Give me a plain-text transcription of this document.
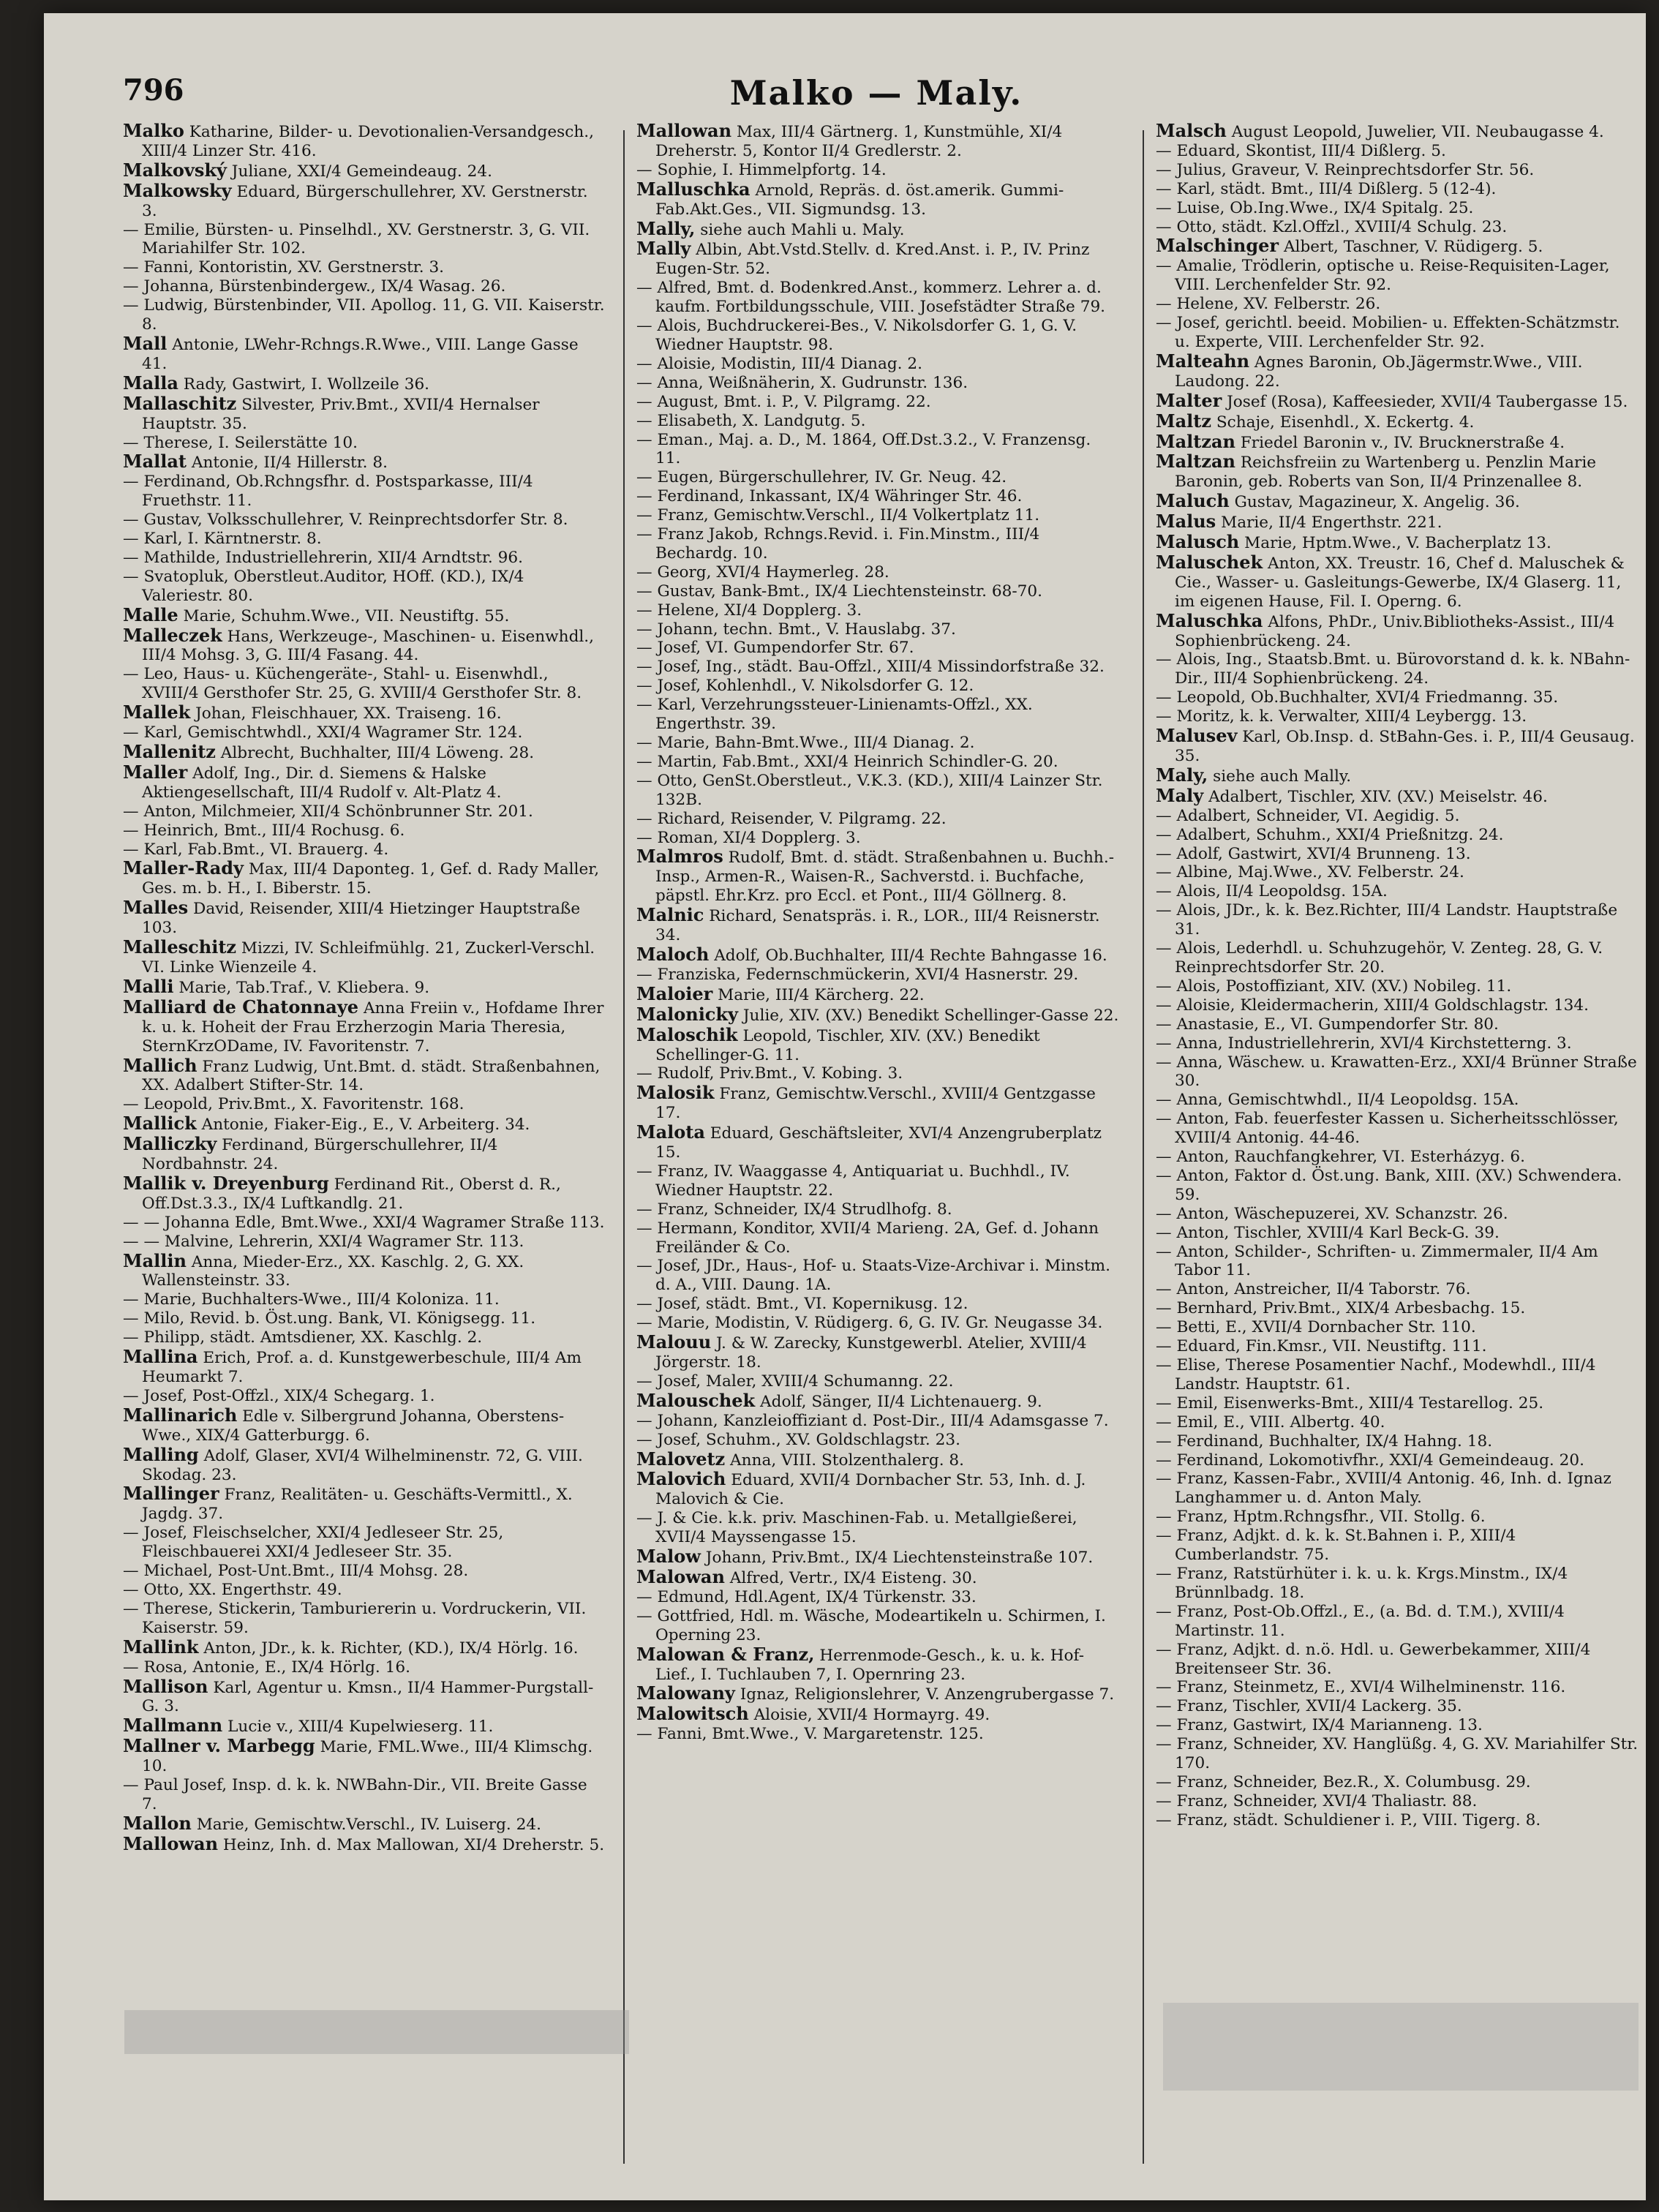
796	Malko — Maly.

Malko Katharine, Bilder- u. Devotionalien-Versandgesch., XIII/4 Linzer Str. 416.

Malkovský Juliane, XXI/4 Gemeindeaug. 24.

Malkowsky Eduard, Bürgerschullehrer, XV. Gerstnerstr. 3.

— Emilie, Bürsten- u. Pinselhdl., XV. Gerstnerstr. 3, G. VII. Mariahilfer Str. 102.

— Fanni, Kontoristin, XV. Gerstnerstr. 3.

— Johanna, Bürstenbindergew., IX/4 Wasag. 26.

— Ludwig, Bürstenbinder, VII. Apollog. 11, G. VII. Kaiserstr. 8.

Mall Antonie, LWehr-Rchngs.R.Wwe., VIII. Lange Gasse 41.

Malla Rady, Gastwirt, I. Wollzeile 36.

Mallaschitz Silvester, Priv.Bmt., XVII/4 Hernalser Hauptstr. 35.

— Therese, I. Seilerstätte 10.

Mallat Antonie, II/4 Hillerstr. 8.

— Ferdinand, Ob.Rchngsfhr. d. Postsparkasse, III/4 Fruethstr. 11.

— Gustav, Volksschullehrer, V. Reinprechtsdorfer Str. 8.

— Karl, I. Kärntnerstr. 8.

— Mathilde, Industriellehrerin, XII/4 Arndtstr. 96.

— Svatopluk, Oberstleut.Auditor, HOff. (KD.), IX/4 Valeriestr. 80.

Malle Marie, Schuhm.Wwe., VII. Neustiftg. 55.

Malleczek Hans, Werkzeuge-, Maschinen- u. Eisenwhdl., III/4 Mohsg. 3, G. III/4 Fasang. 44.

— Leo, Haus- u. Küchengeräte-, Stahl- u. Eisenwhdl., XVIII/4 Gersthofer Str. 25, G. XVIII/4 Gersthofer Str. 8.

Mallek Johan, Fleischhauer, XX. Traiseng. 16.

— Karl, Gemischtwhdl., XXI/4 Wagramer Str. 124.

Mallenitz Albrecht, Buchhalter, III/4 Löweng. 28.

Maller Adolf, Ing., Dir. d. Siemens & Halske Aktiengesellschaft, III/4 Rudolf v. Alt-Platz 4.

— Anton, Milchmeier, XII/4 Schönbrunner Str. 201.

— Heinrich, Bmt., III/4 Rochusg. 6.

— Karl, Fab.Bmt., VI. Brauerg. 4.

Maller-Rady Max, III/4 Daponteg. 1, Gef. d. Rady Maller, Ges. m. b. H., I. Biberstr. 15.

Malles David, Reisender, XIII/4 Hietzinger Hauptstraße 103.

Malleschitz Mizzi, IV. Schleifmühlg. 21, Zuckerl-Verschl. VI. Linke Wienzeile 4.

Malli Marie, Tab.Traf., V. Kliebera. 9.

Malliard de Chatonnaye Anna Freiin v., Hofdame Ihrer k. u. k. Hoheit der Frau Erzherzogin Maria Theresia, SternKrzODame, IV. Favoritenstr. 7.

Mallich Franz Ludwig, Unt.Bmt. d. städt. Straßenbahnen, XX. Adalbert Stifter-Str. 14.

— Leopold, Priv.Bmt., X. Favoritenstr. 168.

Mallick Antonie, Fiaker-Eig., E., V. Arbeiterg. 34.

Malliczky Ferdinand, Bürgerschullehrer, II/4 Nordbahnstr. 24.

Mallik v. Dreyenburg Ferdinand Rit., Oberst d. R., Off.Dst.3.3., IX/4 Luftkandlg. 21.

— — Johanna Edle, Bmt.Wwe., XXI/4 Wagramer Straße 113.

— — Malvine, Lehrerin, XXI/4 Wagramer Str. 113.

Mallin Anna, Mieder-Erz., XX. Kaschlg. 2, G. XX. Wallensteinstr. 33.

— Marie, Buchhalters-Wwe., III/4 Koloniza. 11.

— Milo, Revid. b. Öst.ung. Bank, VI. Königsegg. 11.

— Philipp, städt. Amtsdiener, XX. Kaschlg. 2.

Mallina Erich, Prof. a. d. Kunstgewerbeschule, III/4 Am Heumarkt 7.

— Josef, Post-Offzl., XIX/4 Schegarg. 1.

Mallinarich Edle v. Silbergrund Johanna, Oberstens-Wwe., XIX/4 Gatterburgg. 6.

Malling Adolf, Glaser, XVI/4 Wilhelminenstr. 72, G. VIII. Skodag. 23.

Mallinger Franz, Realitäten- u. Geschäfts-Vermittl., X. Jagdg. 37.

— Josef, Fleischselcher, XXI/4 Jedleseer Str. 25, Fleischbauerei XXI/4 Jedleseer Str. 35.

— Michael, Post-Unt.Bmt., III/4 Mohsg. 28.

— Otto, XX. Engerthstr. 49.

— Therese, Stickerin, Tamburiererin u. Vordruckerin, VII. Kaiserstr. 59.

Mallink Anton, JDr., k. k. Richter, (KD.), IX/4 Hörlg. 16.

— Rosa, Antonie, E., IX/4 Hörlg. 16.

Mallison Karl, Agentur u. Kmsn., II/4 Hammer-Purgstall-G. 3.

Mallmann Lucie v., XIII/4 Kupelwieserg. 11.

Mallner v. Marbegg Marie, FML.Wwe., III/4 Klimschg. 10.

— Paul Josef, Insp. d. k. k. NWBahn-Dir., VII. Breite Gasse 7.

Mallon Marie, Gemischtw.Verschl., IV. Luiserg. 24.

Mallowan Heinz, Inh. d. Max Mallowan, XI/4 Dreherstr. 5.

Mallowan Max, III/4 Gärtnerg. 1, Kunstmühle, XI/4 Dreherstr. 5, Kontor II/4 Gredlerstr. 2.

— Sophie, I. Himmelpfortg. 14.

Malluschka Arnold, Repräs. d. öst.amerik. Gummi-Fab.Akt.Ges., VII. Sigmundsg. 13.

Mally, siehe auch Mahli u. Maly.

Mally Albin, Abt.Vstd.Stellv. d. Kred.Anst. i. P., IV. Prinz Eugen-Str. 52.

— Alfred, Bmt. d. Bodenkred.Anst., kommerz. Lehrer a. d. kaufm. Fortbildungsschule, VIII. Josefstädter Straße 79.

— Alois, Buchdruckerei-Bes., V. Nikolsdorfer G. 1, G. V. Wiedner Hauptstr. 98.

— Aloisie, Modistin, III/4 Dianag. 2.

— Anna, Weißnäherin, X. Gudrunstr. 136.

— August, Bmt. i. P., V. Pilgramg. 22.

— Elisabeth, X. Landgutg. 5.

— Eman., Maj. a. D., M. 1864, Off.Dst.3.2., V. Franzensg. 11.

— Eugen, Bürgerschullehrer, IV. Gr. Neug. 42.

— Ferdinand, Inkassant, IX/4 Währinger Str. 46.

— Franz, Gemischtw.Verschl., II/4 Volkertplatz 11.

— Franz Jakob, Rchngs.Revid. i. Fin.Minstm., III/4 Bechardg. 10.

— Georg, XVI/4 Haymerleg. 28.

— Gustav, Bank-Bmt., IX/4 Liechtensteinstr. 68-70.

— Helene, XI/4 Dopplerg. 3.

— Johann, techn. Bmt., V. Hauslabg. 37.

— Josef, VI. Gumpendorfer Str. 67.

— Josef, Ing., städt. Bau-Offzl., XIII/4 Missindorfstraße 32.

— Josef, Kohlenhdl., V. Nikolsdorfer G. 12.

— Karl, Verzehrungssteuer-Linienamts-Offzl., XX. Engerthstr. 39.

— Marie, Bahn-Bmt.Wwe., III/4 Dianag. 2.

— Martin, Fab.Bmt., XXI/4 Heinrich Schindler-G. 20.

— Otto, GenSt.Oberstleut., V.K.3. (KD.), XIII/4 Lainzer Str. 132B.

— Richard, Reisender, V. Pilgramg. 22.

— Roman, XI/4 Dopplerg. 3.

Malmros Rudolf, Bmt. d. städt. Straßenbahnen u. Buchh.-Insp., Armen-R., Waisen-R., Sachverstd. i. Buchfache, päpstl. Ehr.Krz. pro Eccl. et Pont., III/4 Göllnerg. 8.

Malnic Richard, Senatspräs. i. R., LOR., III/4 Reisnerstr. 34.

Maloch Adolf, Ob.Buchhalter, III/4 Rechte Bahngasse 16.

— Franziska, Federnschmückerin, XVI/4 Hasnerstr. 29.

Maloier Marie, III/4 Kärcherg. 22.

Malonicky Julie, XIV. (XV.) Benedikt Schellinger-Gasse 22.

Maloschik Leopold, Tischler, XIV. (XV.) Benedikt Schellinger-G. 11.

— Rudolf, Priv.Bmt., V. Kobing. 3.

Malosik Franz, Gemischtw.Verschl., XVIII/4 Gentzgasse 17.

Malota Eduard, Geschäftsleiter, XVI/4 Anzengruberplatz 15.

— Franz, IV. Waaggasse 4, Antiquariat u. Buchhdl., IV. Wiedner Hauptstr. 22.

— Franz, Schneider, IX/4 Strudlhofg. 8.

— Hermann, Konditor, XVII/4 Marieng. 2A, Gef. d. Johann Freiländer & Co.

— Josef, JDr., Haus-, Hof- u. Staats-Vize-Archivar i. Minstm. d. A., VIII. Daung. 1A.

— Josef, städt. Bmt., VI. Kopernikusg. 12.

— Marie, Modistin, V. Rüdigerg. 6, G. IV. Gr. Neugasse 34.

Malouu J. & W. Zarecky, Kunstgewerbl. Atelier, XVIII/4 Jörgerstr. 18.

— Josef, Maler, XVIII/4 Schumanng. 22.

Malouschek Adolf, Sänger, II/4 Lichtenauerg. 9.

— Johann, Kanzleioffiziant d. Post-Dir., III/4 Adamsgasse 7.

— Josef, Schuhm., XV. Goldschlagstr. 23.

Malovetz Anna, VIII. Stolzenthalerg. 8.

Malovich Eduard, XVII/4 Dornbacher Str. 53, Inh. d. J. Malovich & Cie.

— J. & Cie. k.k. priv. Maschinen-Fab. u. Metallgießerei, XVII/4 Mayssengasse 15.

Malow Johann, Priv.Bmt., IX/4 Liechtensteinstraße 107.

Malowan Alfred, Vertr., IX/4 Eisteng. 30.

— Edmund, Hdl.Agent, IX/4 Türkenstr. 33.

— Gottfried, Hdl. m. Wäsche, Modeartikeln u. Schirmen, I. Operning 23.

Malowan & Franz, Herrenmode-Gesch., k. u. k. Hof-Lief., I. Tuchlauben 7, I. Opernring 23.

Malowany Ignaz, Religionslehrer, V. Anzengrubergasse 7.

Malowitsch Aloisie, XVII/4 Hormayrg. 49.

— Fanni, Bmt.Wwe., V. Margaretenstr. 125.

Malsch August Leopold, Juwelier, VII. Neubaugasse 4.

— Eduard, Skontist, III/4 Dißlerg. 5.

— Julius, Graveur, V. Reinprechtsdorfer Str. 56.

— Karl, städt. Bmt., III/4 Dißlerg. 5 (12-4).

— Luise, Ob.Ing.Wwe., IX/4 Spitalg. 25.

— Otto, städt. Kzl.Offzl., XVIII/4 Schulg. 23.

Malschinger Albert, Taschner, V. Rüdigerg. 5.

— Amalie, Trödlerin, optische u. Reise-Requisiten-Lager, VIII. Lerchenfelder Str. 92.

— Helene, XV. Felberstr. 26.

— Josef, gerichtl. beeid. Mobilien- u. Effekten-Schätzmstr. u. Experte, VIII. Lerchenfelder Str. 92.

Malteahn Agnes Baronin, Ob.Jägermstr.Wwe., VIII. Laudong. 22.

Malter Josef (Rosa), Kaffeesieder, XVII/4 Taubergasse 15.

Maltz Schaje, Eisenhdl., X. Eckertg. 4.

Maltzan Friedel Baronin v., IV. Brucknerstraße 4.

Maltzan Reichsfreiin zu Wartenberg u. Penzlin Marie Baronin, geb. Roberts van Son, II/4 Prinzenallee 8.

Maluch Gustav, Magazineur, X. Angelig. 36.

Malus Marie, II/4 Engerthstr. 221.

Malusch Marie, Hptm.Wwe., V. Bacherplatz 13.

Maluschek Anton, XX. Treustr. 16, Chef d. Maluschek & Cie., Wasser- u. Gasleitungs-Gewerbe, IX/4 Glaserg. 11, im eigenen Hause, Fil. I. Operng. 6.

Maluschka Alfons, PhDr., Univ.Bibliotheks-Assist., III/4 Sophienbrückeng. 24.

— Alois, Ing., Staatsb.Bmt. u. Bürovorstand d. k. k. NBahn-Dir., III/4 Sophienbrückeng. 24.

— Leopold, Ob.Buchhalter, XVI/4 Friedmanng. 35.

— Moritz, k. k. Verwalter, XIII/4 Leybergg. 13.

Malusev Karl, Ob.Insp. d. StBahn-Ges. i. P., III/4 Geusaug. 35.

Maly, siehe auch Mally.

Maly Adalbert, Tischler, XIV. (XV.) Meiselstr. 46.

— Adalbert, Schneider, VI. Aegidig. 5.

— Adalbert, Schuhm., XXI/4 Prießnitzg. 24.

— Adolf, Gastwirt, XVI/4 Brunneng. 13.

— Albine, Maj.Wwe., XV. Felberstr. 24.

— Alois, II/4 Leopoldsg. 15A.

— Alois, JDr., k. k. Bez.Richter, III/4 Landstr. Hauptstraße 31.

— Alois, Lederhdl. u. Schuhzugehör, V. Zenteg. 28, G. V. Reinprechtsdorfer Str. 20.

— Alois, Postoffiziant, XIV. (XV.) Nobileg. 11.

— Aloisie, Kleidermacherin, XIII/4 Goldschlagstr. 134.

— Anastasie, E., VI. Gumpendorfer Str. 80.

— Anna, Industriellehrerin, XVI/4 Kirchstetterng. 3.

— Anna, Wäschew. u. Krawatten-Erz., XXI/4 Brünner Straße 30.

— Anna, Gemischtwhdl., II/4 Leopoldsg. 15A.

— Anton, Fab. feuerfester Kassen u. Sicherheitsschlösser, XVIII/4 Antonig. 44-46.

— Anton, Rauchfangkehrer, VI. Esterházyg. 6.

— Anton, Faktor d. Öst.ung. Bank, XIII. (XV.) Schwendera. 59.

— Anton, Wäschepuzerei, XV. Schanzstr. 26.

— Anton, Tischler, XVIII/4 Karl Beck-G. 39.

— Anton, Schilder-, Schriften- u. Zimmermaler, II/4 Am Tabor 11.

— Anton, Anstreicher, II/4 Taborstr. 76.

— Bernhard, Priv.Bmt., XIX/4 Arbesbachg. 15.

— Betti, E., XVII/4 Dornbacher Str. 110.

— Eduard, Fin.Kmsr., VII. Neustiftg. 111.

— Elise, Therese Posamentier Nachf., Modewhdl., III/4 Landstr. Hauptstr. 61.

— Emil, Eisenwerks-Bmt., XIII/4 Testarellog. 25.

— Emil, E., VIII. Albertg. 40.

— Ferdinand, Buchhalter, IX/4 Hahng. 18.

— Ferdinand, Lokomotivfhr., XXI/4 Gemeindeaug. 20.

— Franz, Kassen-Fabr., XVIII/4 Antonig. 46, Inh. d. Ignaz Langhammer u. d. Anton Maly.

— Franz, Hptm.Rchngsfhr., VII. Stollg. 6.

— Franz, Adjkt. d. k. k. St.Bahnen i. P., XIII/4 Cumberlandstr. 75.

— Franz, Ratstürhüter i. k. u. k. Krgs.Minstm., IX/4 Brünnlbadg. 18.

— Franz, Post-Ob.Offzl., E., (a. Bd. d. T.M.), XVIII/4 Martinstr. 11.

— Franz, Adjkt. d. n.ö. Hdl. u. Gewerbekammer, XIII/4 Breitenseer Str. 36.

— Franz, Steinmetz, E., XVI/4 Wilhelminenstr. 116.

— Franz, Tischler, XVII/4 Lackerg. 35.

— Franz, Gastwirt, IX/4 Marianneng. 13.

— Franz, Schneider, XV. Hanglüßg. 4, G. XV. Mariahilfer Str. 170.

— Franz, Schneider, Bez.R., X. Columbusg. 29.

— Franz, Schneider, XVI/4 Thaliastr. 88.

— Franz, städt. Schuldiener i. P., VIII. Tigerg. 8.
